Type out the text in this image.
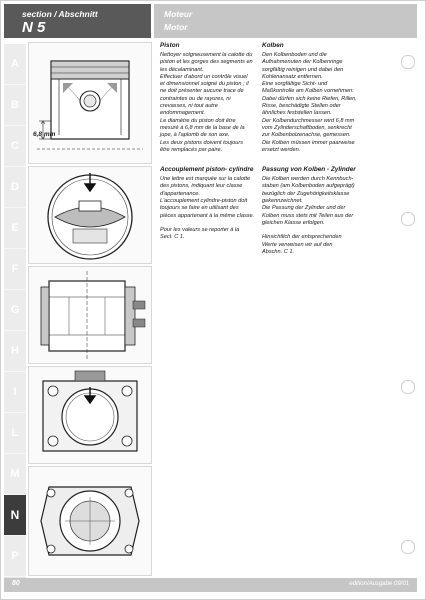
section / Abschnitt
N 5
Moteur
Motor
A
B
C
D
E
F
G
H
I
L
M
N
P
6,8 mm
Piston

Nettoyer soigneusement la calotte du

piston et les gorges des segments en

les décalaminant.

Effectuer d'abord un contrôle visuel

et dimensionnel soigné du piston ; il

ne doit présenter aucune trace de

contraintes ou de rayures, ni

crevasses, ni tout autre

endommagement.

Le diamètre du piston doit être

mesuré à 6,8 mm de la base de la

jupe, à l'aplomb de son axe.

Les deux pistons doivent toujours

être remplacés par paire.

Accouplement piston- cylindre

Une lettre est marquée sur la calotte

des pistons, indiquant leur classe

d'appartenance.

L'accouplement cylindre-piston doit

toujours se faire en utilisant des

pièces appartenant à la même classe.

Pour les valeurs se reporter à la

Sect. C 1.

Kolben

Den Kolbenboden und die

Aufnahmenuten der Kolbenringe

sorgfältig reinigen und dabei den

Kohlenansatz entfernen.

Eine sorgfältige Sicht- und

Maßkontrolle am Kolben vornehmen:

Dabei dürfen sich keine Riefen, Rillen,

Risse, beschädigte Stellen oder

ähnliches feststellen lassen.

Der Kolbendurchmesser wird 6,8 mm

vom Zylinderschaftboden, senkrecht

zur Kolbenbolzenachse, gemessen.

Die Kolben müssen immer paarweise

ersetzt werden.

Passung von Kolben - Zylinder

Die Kolben werden durch Kennbuch-

staben (am Kolbenboden aufgeprägt)

bezüglich der Zugehörigkeitsklasse

gekennzeichnet.

Die Passung der Zylinder und der

Kolben muss stets mit Teilen aus der

gleichen Klasse erfolgen.

Hinsichtlich der entsprechenden

Werte verweisen wir auf den

Abschn. C 1.

80	edition/Ausgabe 09/01
